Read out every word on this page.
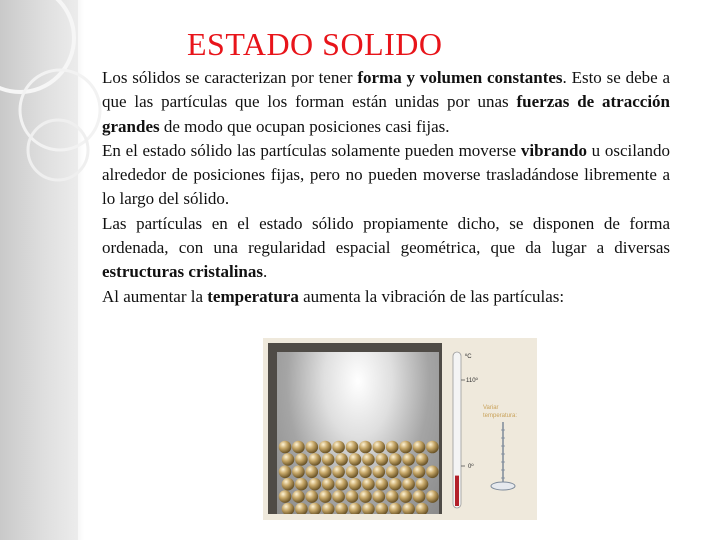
ESTADO SOLIDO

Los sólidos se caracterizan por tener forma y volumen constantes. Esto se debe a que las partículas que los forman están unidas por unas fuerzas de atracción grandes de modo que ocupan posiciones casi fijas.

En el estado sólido las partículas solamente pueden moverse vibrando u oscilando alrededor de posiciones fijas, pero no pueden moverse trasladándose libremente a lo largo del sólido.

Las partículas en el estado sólido propiamente dicho, se disponen de forma ordenada, con una regularidad espacial geométrica, que da lugar a diversas estructuras cristalinas.

Al aumentar la temperatura aumenta la vibración de las partículas:

ºC
110º
0º
Variar
temperatura:
